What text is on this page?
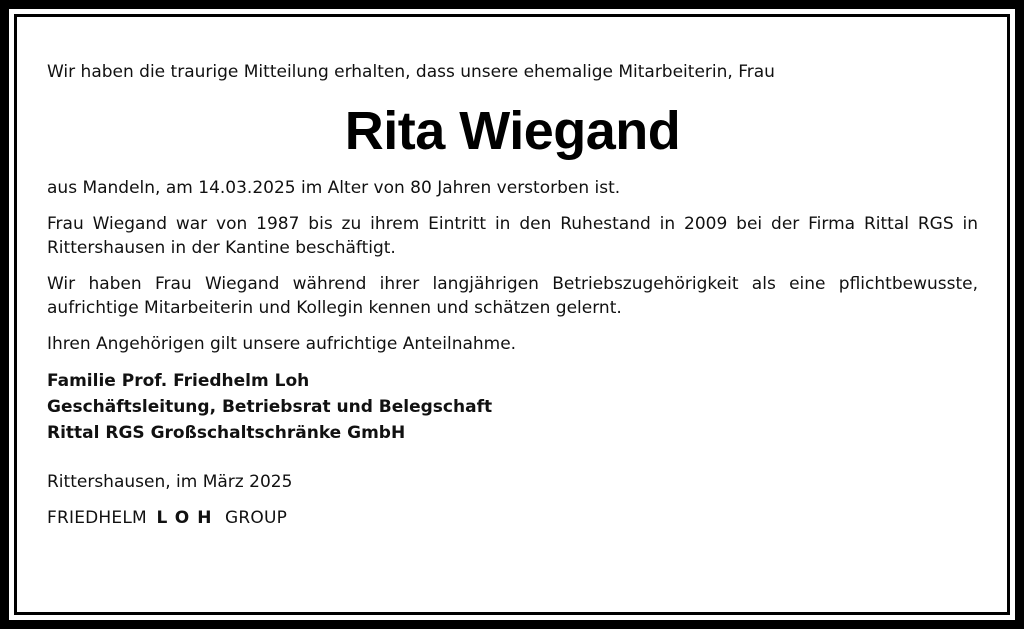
Wir haben die traurige Mitteilung erhalten, dass unsere ehemalige Mitarbeiterin, Frau

Rita Wiegand

aus Mandeln, am 14.03.2025 im Alter von 80 Jahren verstorben ist.

Frau Wiegand war von 1987 bis zu ihrem Eintritt in den Ruhestand in 2009 bei der Firma Rittal RGS in Rittershausen in der Kantine beschäftigt.

Wir haben Frau Wiegand während ihrer langjährigen Betriebszugehörigkeit als eine pflichtbewusste, aufrichtige Mitarbeiterin und Kollegin kennen und schätzen gelernt.

Ihren Angehörigen gilt unsere aufrichtige Anteilnahme.

Familie Prof. Friedhelm Loh
Geschäftsleitung, Betriebsrat und Belegschaft
Rittal RGS Großschaltschränke GmbH

Rittershausen, im März 2025

FRIEDHELM LOH GROUP
